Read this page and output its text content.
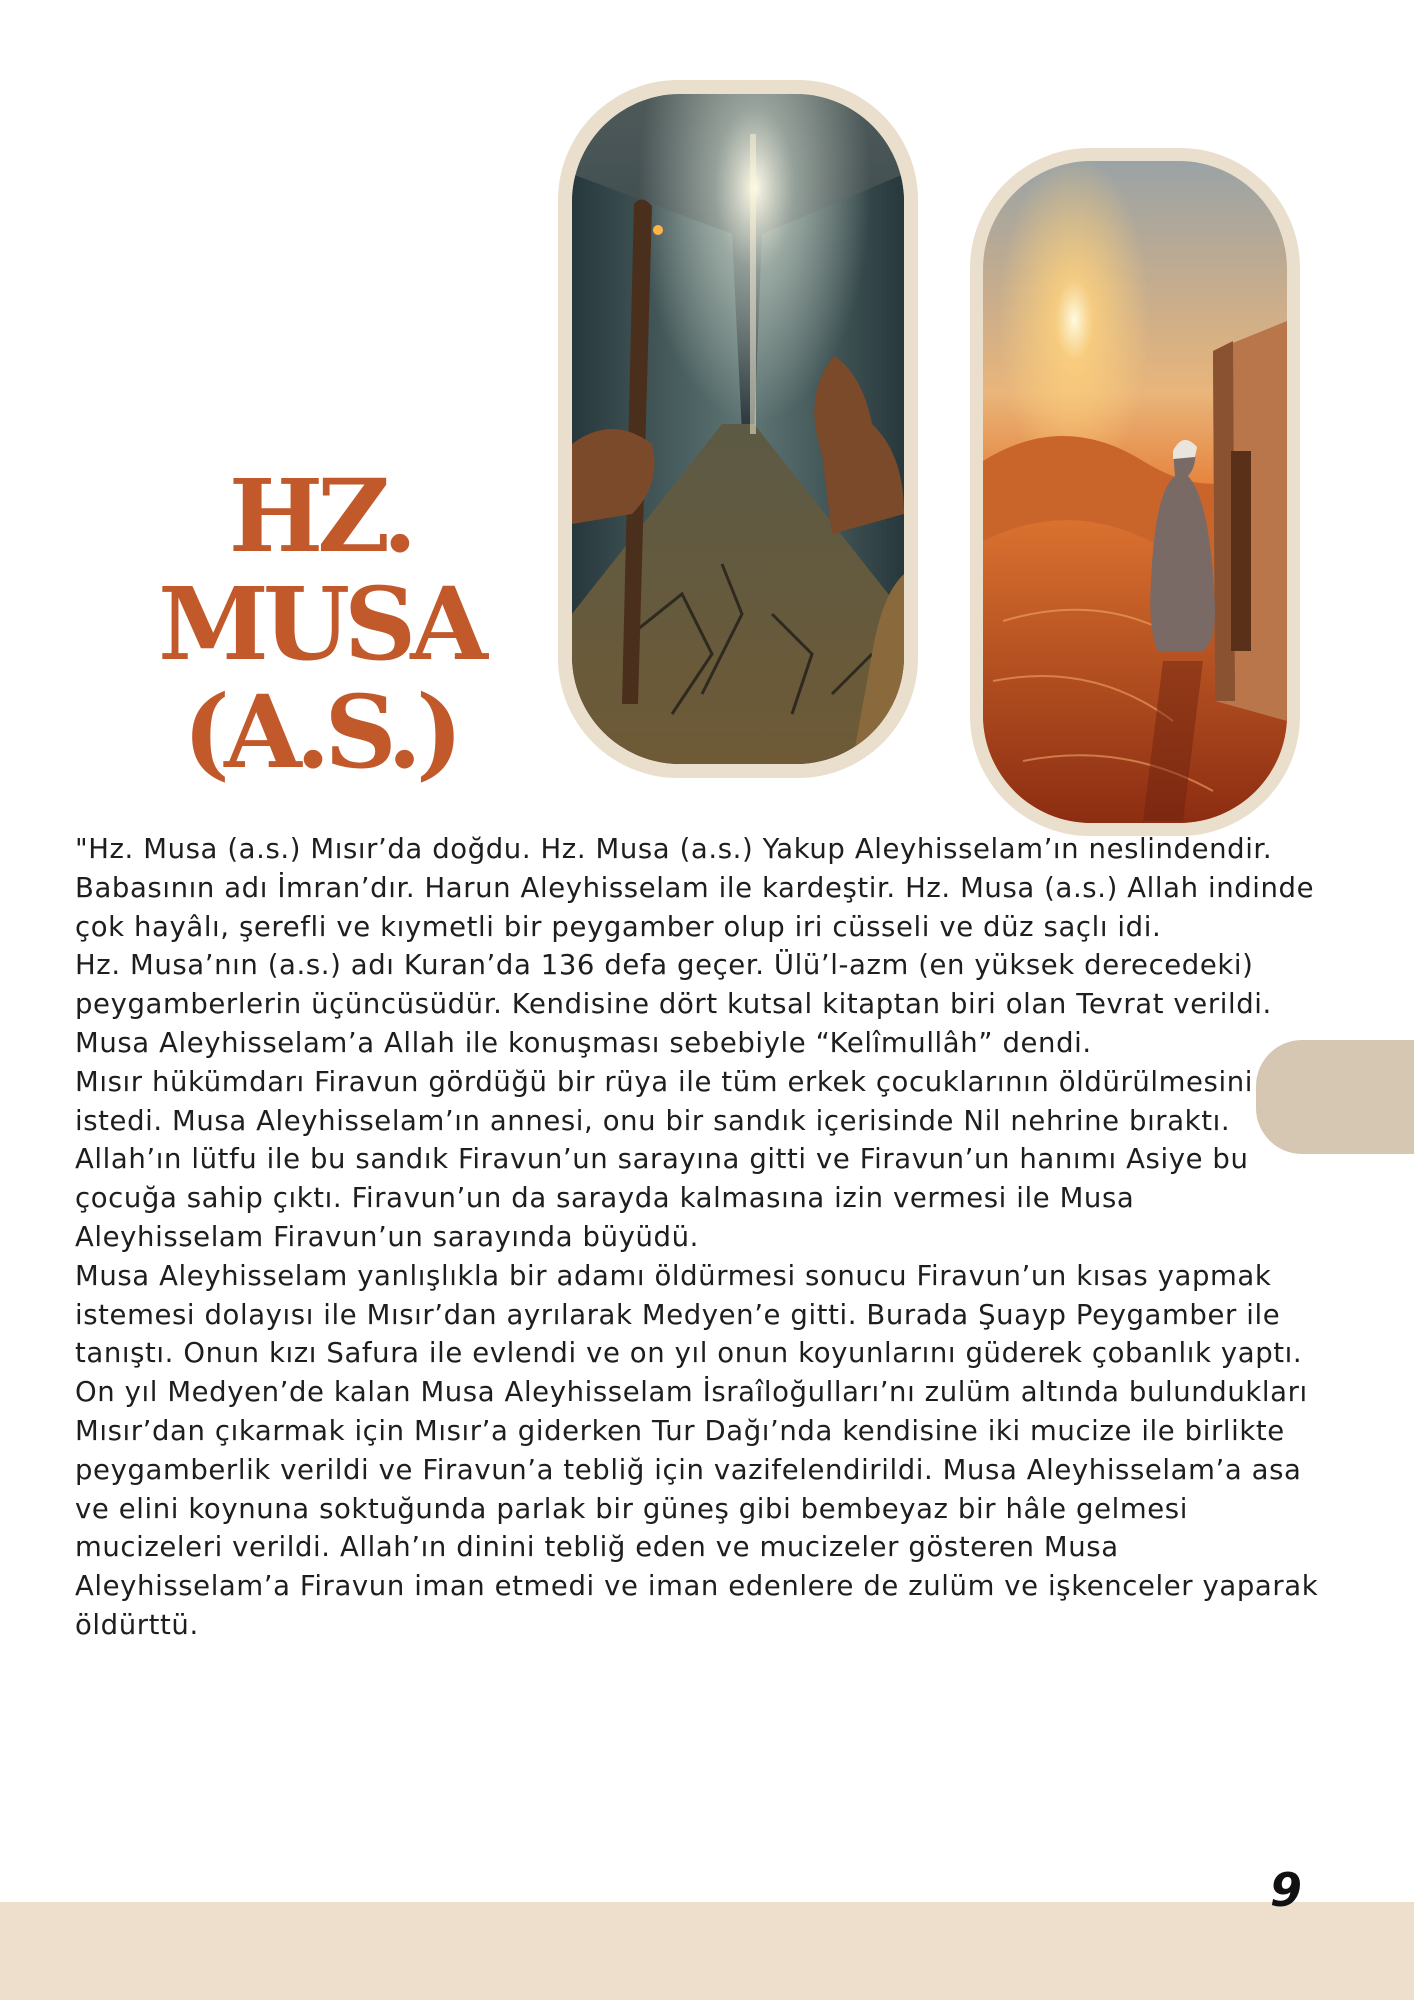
HZ. MUSA
(A.S.)

"Hz. Musa (a.s.) Mısır’da doğdu. Hz. Musa (a.s.) Yakup Aleyhisselam’ın neslindendir. Babasının adı İmran’dır. Harun Aleyhisselam ile kardeştir. Hz. Musa (a.s.) Allah indinde çok hayâlı, şerefli ve kıymetli bir peygamber olup iri cüsseli ve düz saçlı idi.

Hz. Musa’nın (a.s.) adı Kuran’da 136 defa geçer. Ülü’l-azm (en yüksek derecedeki) peygamberlerin üçüncüsüdür. Kendisine dört kutsal kitaptan biri olan Tevrat verildi. Musa Aleyhisselam’a Allah ile konuşması sebebiyle “Kelîmullâh” dendi.

Mısır hükümdarı Firavun gördüğü bir rüya ile tüm erkek çocuklarının öldürülmesini istedi. Musa Aleyhisselam’ın annesi, onu bir sandık içerisinde Nil nehrine bıraktı. Allah’ın lütfu ile bu sandık Firavun’un sarayına gitti ve Firavun’un hanımı Asiye bu çocuğa sahip çıktı. Firavun’un da sarayda kalmasına izin vermesi ile Musa Aleyhisselam Firavun’un sarayında büyüdü.

Musa Aleyhisselam yanlışlıkla bir adamı öldürmesi sonucu Firavun’un kısas yapmak istemesi dolayısı ile Mısır’dan ayrılarak Medyen’e gitti. Burada Şuayp Peygamber ile tanıştı. Onun kızı Safura ile evlendi ve on yıl onun koyunlarını güderek çobanlık yaptı.

On yıl Medyen’de kalan Musa Aleyhisselam İsraîloğulları’nı zulüm altında bulundukları Mısır’dan çıkarmak için Mısır’a giderken Tur Dağı’nda kendisine iki mucize ile birlikte peygamberlik verildi ve Firavun’a tebliğ için vazifelendirildi. Musa Aleyhisselam’a asa ve elini koynuna soktuğunda parlak bir güneş gibi bembeyaz bir hâle gelmesi mucizeleri verildi. Allah’ın dinini tebliğ eden ve mucizeler gösteren Musa Aleyhisselam’a Firavun iman etmedi ve iman edenlere de zulüm ve işkenceler yaparak öldürttü.

9
